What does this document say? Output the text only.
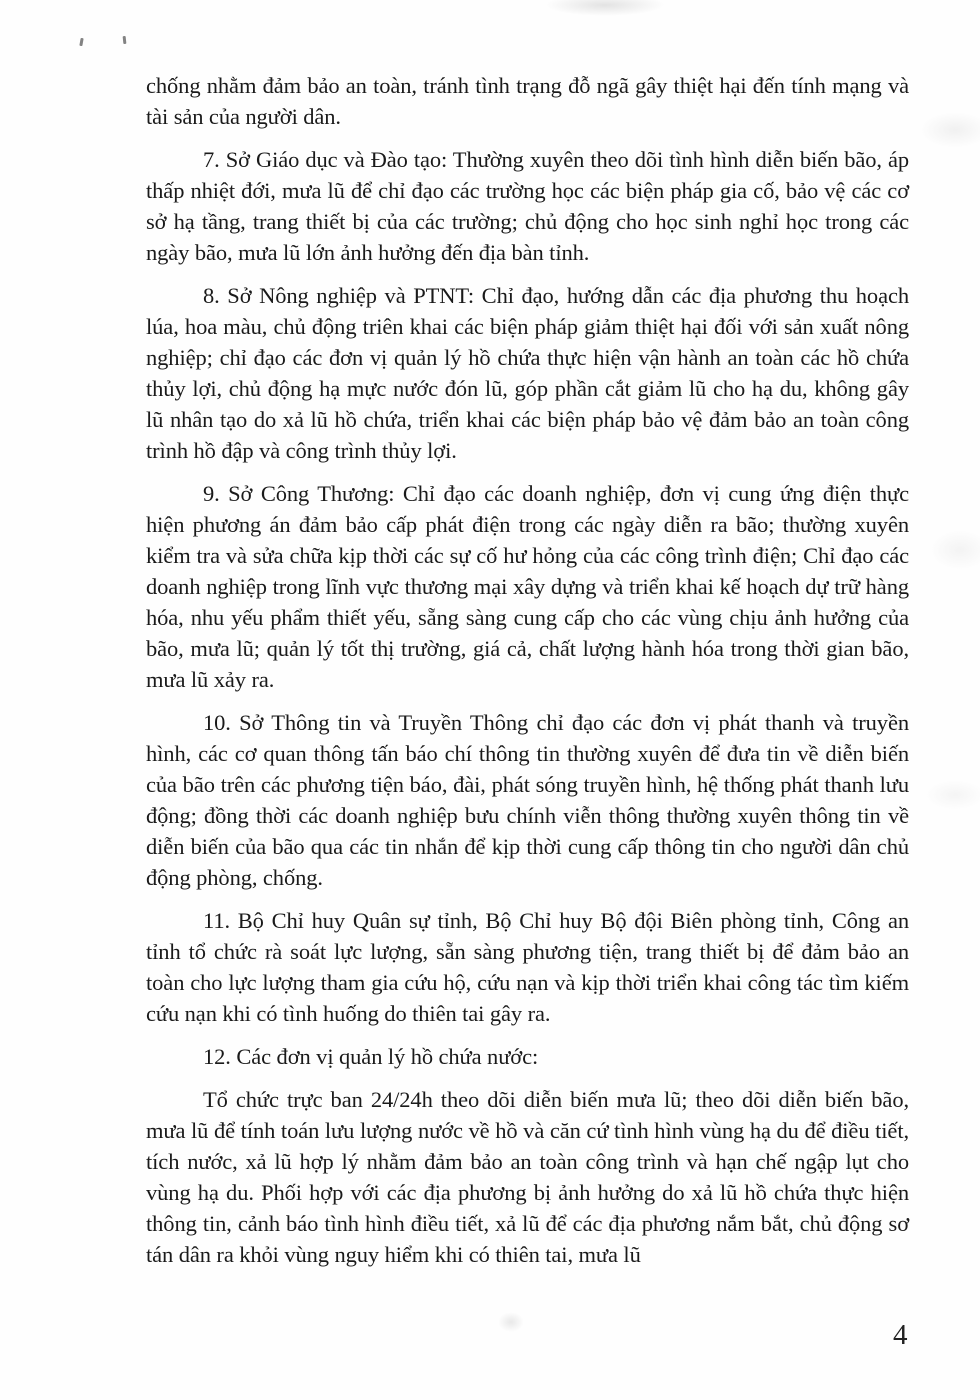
chống nhằm đảm bảo an toàn, tránh tình trạng đỗ ngã gây thiệt hại đến tính mạng và tài sản của người dân.

7. Sở Giáo dục và Đào tạo: Thường xuyên theo dõi tình hình diễn biến bão, áp thấp nhiệt đới, mưa lũ để chỉ đạo các trường học các biện pháp gia cố, bảo vệ các cơ sở hạ tầng, trang thiết bị của các trường; chủ động cho học sinh nghỉ học trong các ngày bão, mưa lũ lớn ảnh hưởng đến địa bàn tỉnh.

8. Sở Nông nghiệp và PTNT: Chỉ đạo, hướng dẫn các địa phương thu hoạch lúa, hoa màu, chủ động triên khai các biện pháp giảm thiệt hại đối với sản xuất nông nghiệp; chỉ đạo các đơn vị quản lý hồ chứa thực hiện vận hành an toàn các hồ chứa thủy lợi, chủ động hạ mực nước đón lũ, góp phần cắt giảm lũ cho hạ du, không gây lũ nhân tạo do xả lũ hồ chứa, triển khai các biện pháp bảo vệ đảm bảo an toàn công trình hồ đập và công trình thủy lợi.

9. Sở Công Thương: Chỉ đạo các doanh nghiệp, đơn vị cung ứng điện thực hiện phương án đảm bảo cấp phát điện trong các ngày diễn ra bão; thường xuyên kiểm tra và sửa chữa kịp thời các sự cố hư hỏng của các công trình điện; Chỉ đạo các doanh nghiệp trong lĩnh vực thương mại xây dựng và triển khai kế hoạch dự trữ hàng hóa, nhu yếu phẩm thiết yếu, sẵng sàng cung cấp cho các vùng chịu ảnh hưởng của bão, mưa lũ; quản lý tốt thị trường, giá cả, chất lượng hành hóa trong thời gian bão, mưa lũ xảy ra.

10. Sở Thông tin và Truyền Thông chỉ đạo các đơn vị phát thanh và truyền hình, các cơ quan thông tấn báo chí thông tin thường xuyên để đưa tin về diễn biến của bão trên các phương tiện báo, đài, phát sóng truyền hình, hệ thống phát thanh lưu động; đồng thời các doanh nghiệp bưu chính viễn thông thường xuyên thông tin về diễn biến của bão qua các tin nhắn để kịp thời cung cấp thông tin cho người dân chủ động phòng, chống.

11. Bộ Chỉ huy Quân sự tỉnh, Bộ Chỉ huy Bộ đội Biên phòng tỉnh, Công an tỉnh tổ chức rà soát lực lượng, sẵn sàng phương tiện, trang thiết bị để đảm bảo an toàn cho lực lượng tham gia cứu hộ, cứu nạn và kịp thời triển khai công tác tìm kiếm cứu nạn khi có tình huống do thiên tai gây ra.

12. Các đơn vị quản lý hồ chứa nước:

Tổ chức trực ban 24/24h theo dõi diễn biến mưa lũ; theo dõi diễn biến bão, mưa lũ để tính toán lưu lượng nước về hồ và căn cứ tình hình vùng hạ du để điều tiết, tích nước, xả lũ hợp lý nhằm đảm bảo an toàn công trình và hạn chế ngập lụt cho vùng hạ du. Phối hợp với các địa phương bị ảnh hưởng do xả lũ hồ chứa thực hiện thông tin, cảnh báo tình hình điều tiết, xả lũ để các địa phương nắm bắt, chủ động sơ tán dân ra khỏi vùng nguy hiểm khi có thiên tai, mưa lũ

4
